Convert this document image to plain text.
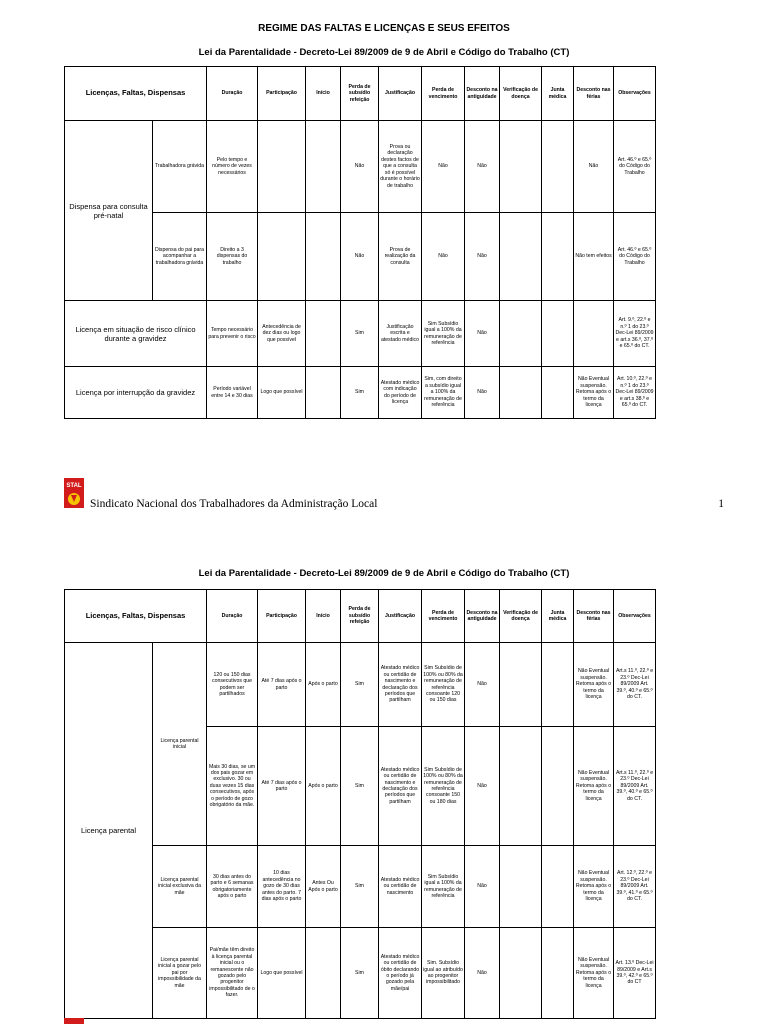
REGIME DAS FALTAS E LICENÇAS E SEUS EFEITOS
Lei da Parentalidade - Decreto-Lei 89/2009 de 9 de Abril e Código do Trabalho (CT)
Licenças, Faltas, Dispensas		Duração	Participação	Início	Perda de subsídio refeição	Justificação	Perda de vencimento	Desconto na antiguidade	Verificação de doença	Junta médica	Desconto nas férias	Observações
Dispensa para consulta pré-natal	Trabalhadora grávida	Pelo tempo e número de vezes necessários			Não	Prova ou declaração destes factos de que a consulta só é possível durante o horário de trabalho	Não	Não			Não	Art. 46.º e 65.º do Código do Trabalho
	Dispensa do pai para acompanhar a trabalhadora grávida	Direito a 3 dispensas do trabalho			Não	Prova de realização da consulta	Não	Não			Não tem efeitos	Art. 46.º e 65.º do Código do Trabalho
Licença em situação de risco clínico durante a gravidez		Tempo necessário para prevenir o risco	Antecedência de dez dias ou logo que possível		Sim	Justificação escrita e atestado médico	Sim Subsídio igual a 100% da remuneração de referência	Não				Art. 9.º, 22.º e n.º 1 do 23.º Dec-Lei 89/2009 e art.s 36.º, 37.º e 65.º do CT.
Licença por interrupção da gravidez		Período variável entre 14 e 30 dias	Logo que possível		Sim	Atestado médico com indicação do período de licença	Sim, com direito a subsídio igual a 100% da remuneração de referência	Não			Não Eventual suspensão. Retoma após o termo da licença	Art. 10.º, 22.º e n.º 1 do 23.º Dec-Lei 89/2009 e art.s 38.º e 65.º do CT.
STAL
Sindicato Nacional dos Trabalhadores da Administração Local	1
Lei da Parentalidade - Decreto-Lei 89/2009 de 9 de Abril e Código do Trabalho (CT)
Licenças, Faltas, Dispensas		Duração	Participação	Início	Perda de subsídio refeição	Justificação	Perda de vencimento	Desconto na antiguidade	Verificação de doença	Junta médica	Desconto nas férias	Observações
Licença parental	Licença parental inicial	120 ou 150 dias consecutivos que podem ser partilhados	Até 7 dias após o parto	Após o parto	Sim	Atestado médico ou certidão de nascimento e declaração dos períodos que partilham	Sim Subsídio de 100% ou 80% da remuneração de referência consoante 120 ou 150 dias	Não			Não Eventual suspensão. Retoma após o termo da licença	Art.s 11.º, 22.º e 23.º Dec-Lei 89/2009 Art. 39.º, 40.º e 65.º do CT.
		Mais 30 dias, se um dos pais gozar em exclusivo. 30 ou duas vezes 15 dias consecutivos, após o período de gozo obrigatório da mãe.	Até 7 dias após o parto	Após o parto	Sim	Atestado médico ou certidão de nascimento e declaração dos períodos que partilham	Sim Subsídio de 100% ou 80% da remuneração de referência consoante 150 ou 180 dias	Não			Não Eventual suspensão. Retoma após o termo da licença	Art.s 11.º, 22.º e 23.º Dec-Lei 89/2009 Art. 39.º, 40.º e 65.º do CT.
	Licença parental inicial exclusiva da mãe	30 dias antes do parto e 6 semanas obrigatoriamente após o parto	10 dias antecedência no gozo de 30 dias antes do parto. 7 dias após o parto	Antes Ou Após o parto	Sim	Atestado médico ou certidão de nascimento	Sim Subsídio igual a 100% da remuneração de referência	Não			Não Eventual suspensão. Retoma após o termo da licença	Art. 12.º, 22.º e 23.º Dec-Lei 89/2009 Art. 39.º, 41.º e 65.º do CT.
	Licença parental inicial a gozar pelo pai por impossibilidade da mãe	Pai/mãe têm direito à licença parental inicial ou o remanescente não gozado pelo progenitor impossibilitado de o fazer.	Logo que possível		Sim	Atestado médico ou certidão de óbito declarando o período já gozado pela mãe/pai	Sim. Subsídio igual ao atribuído ao progenitor impossibilitado	Não			Não Eventual suspensão. Retoma após o termo da licença	Art. 13.º Dec-Lei 89/2009 e Art.s 39.º, 42.º e 65.º do CT
